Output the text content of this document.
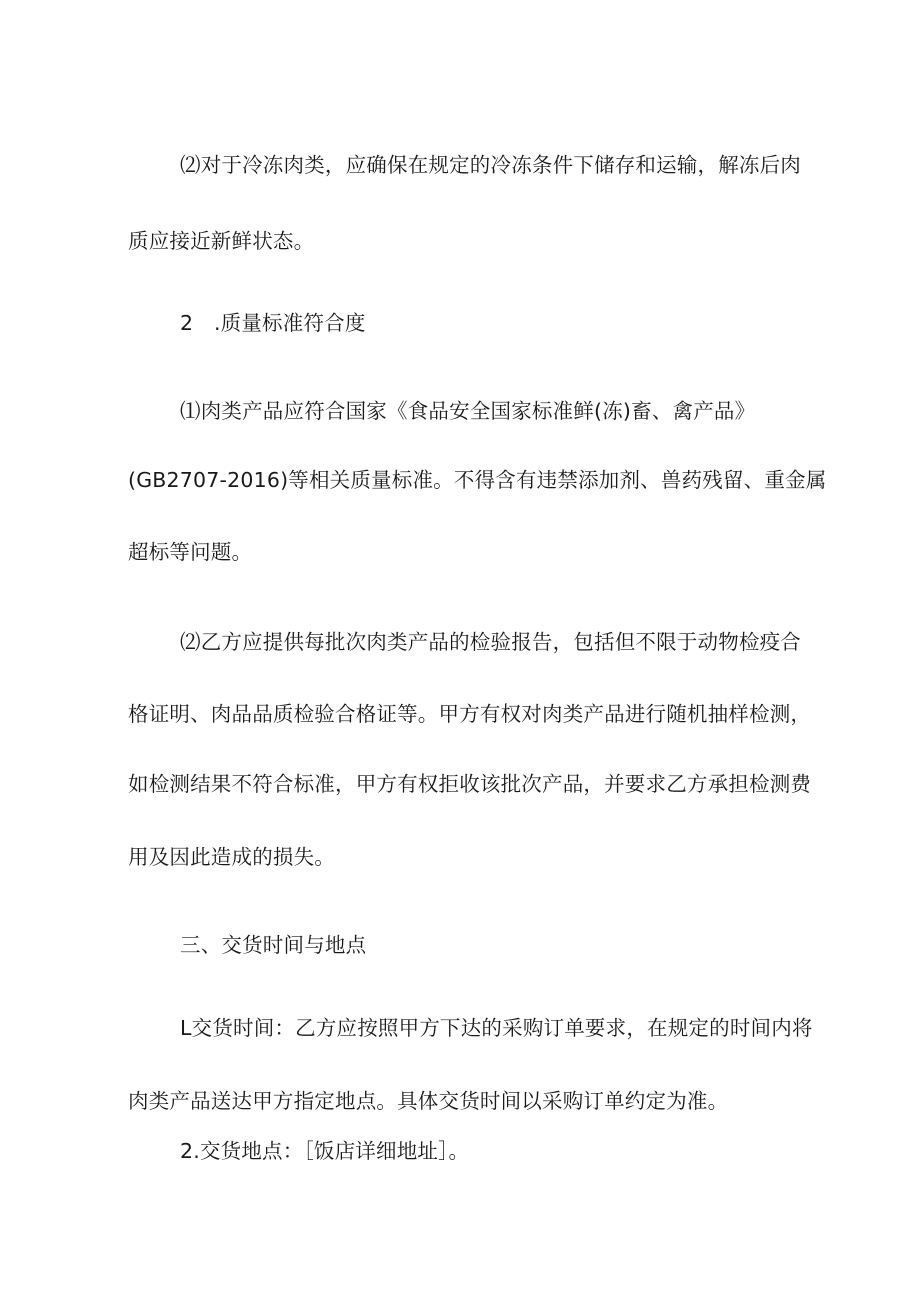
⑵对于冷冻肉类，应确保在规定的冷冻条件下储存和运输，解冻后肉

质应接近新鲜状态。

2　.质量标准符合度

⑴肉类产品应符合国家《食品安全国家标准鲜(冻)畜、禽产品》

(GB2707-2016)等相关质量标准。不得含有违禁添加剂、兽药残留、重金属

超标等问题。

⑵乙方应提供每批次肉类产品的检验报告，包括但不限于动物检疫合

格证明、肉品品质检验合格证等。甲方有权对肉类产品进行随机抽样检测，

如检测结果不符合标准，甲方有权拒收该批次产品，并要求乙方承担检测费

用及因此造成的损失。

三、交货时间与地点

L交货时间：乙方应按照甲方下达的采购订单要求，在规定的时间内将

肉类产品送达甲方指定地点。具体交货时间以采购订单约定为准。

2.交货地点：［饭店详细地址］。
